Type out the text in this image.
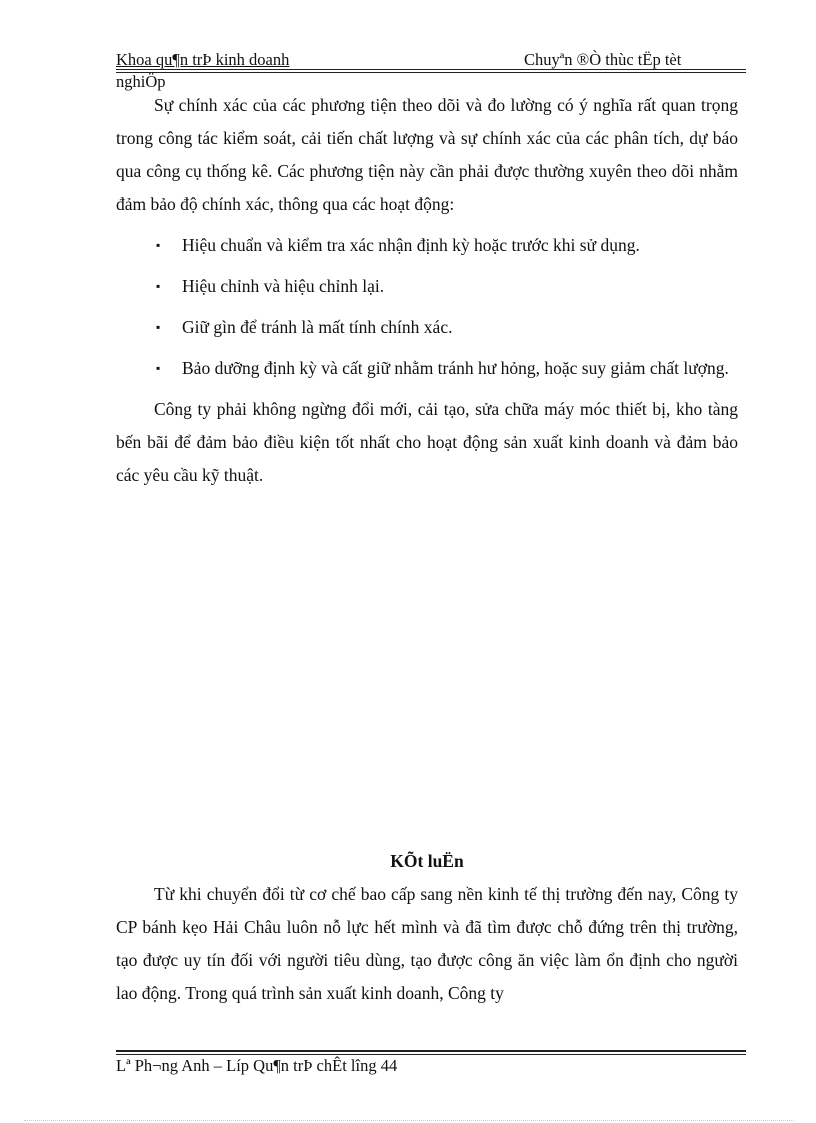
Khoa qu¶n trÞ kinh doanh	Chuyªn ®Ò thùc tËp tèt
nghiÖp

Sự chính xác của các phương tiện theo dõi và đo lường có ý nghĩa rất quan trọng trong công tác kiểm soát, cải tiến chất lượng và sự chính xác của các phân tích, dự báo qua công cụ thống kê. Các phương tiện này cần phải được thường xuyên theo dõi nhằm đảm bảo độ chính xác, thông qua các hoạt động:

▪ Hiệu chuẩn và kiểm tra xác nhận định kỳ hoặc trước khi sử dụng.
▪ Hiệu chỉnh và hiệu chỉnh lại.
▪ Giữ gìn để tránh là mất tính chính xác.
▪ Bảo dưỡng định kỳ và cất giữ nhằm tránh hư hỏng, hoặc suy giảm chất lượng.

Công ty phải không ngừng đổi mới, cải tạo, sửa chữa máy móc thiết bị, kho tàng bến bãi để đảm bảo điều kiện tốt nhất cho hoạt động sản xuất kinh doanh và đảm bảo các yêu cầu kỹ thuật.

KÕt luËn

Từ khi chuyển đổi từ cơ chế bao cấp sang nền kinh tế thị trường đến nay, Công ty CP bánh kẹo Hải Châu luôn nỗ lực hết mình và đã tìm được chỗ đứng trên thị trường, tạo được uy tín đối với người tiêu dùng, tạo được công ăn việc làm ổn định cho người lao động. Trong quá trình sản xuất kinh doanh, Công ty

Lª Ph¬ng Anh – Líp Qu¶n trÞ chÊt lîng 44
